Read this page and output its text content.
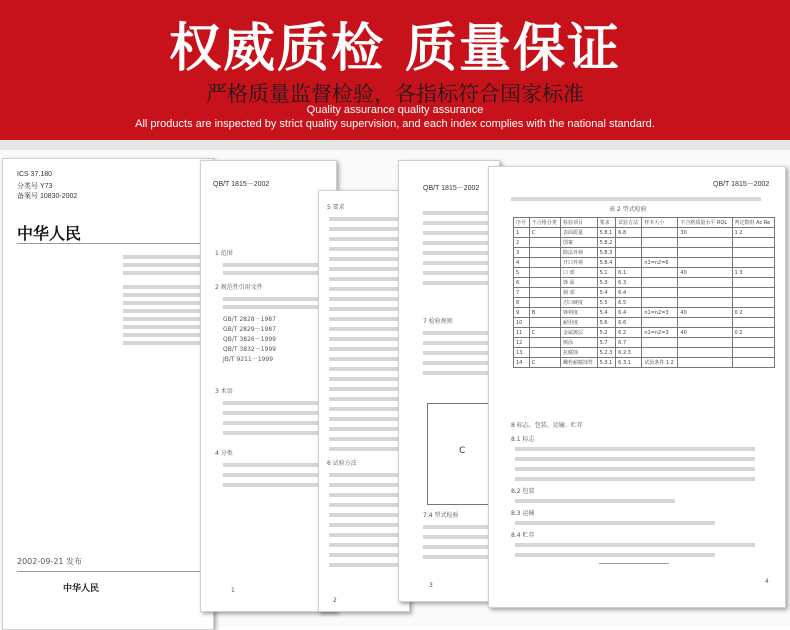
权威质检 质量保证
严格质量监督检验，各指标符合国家标准
Quality assurance quality assurance
All products are inspected by strict quality supervision, and each index complies with the national standard.
ICS 37.180
分类号 Y73
备案号 10830-2002
中华人民
2002-09-21 发布
中华人民
QB/T 1815－2002
1 范围
2 规范性引用文件
GB/T 2828－1987
GB/T 2829－1987
QB/T 3826－1999
QB/T 3832－1999
JB/T 9211－1999
3 术语
4 分类
1
5 要求
6 试验方法
2
QB/T 1815－2002
7 检验规则
C
7.4 型式检验
3
QB/T 1815－2002
表 2 型式检验
序号	不合格分类	检验项目	要求	试验方法	样本大小	不合格质量水平 RQL	判定数组 Ac Re
1	C	表面质量	5.8.1	6.8		30	1 2
2		图案	5.8.2				
3		除法外观	5.8.3				
4		开口外观	5.8.4		n1=n2=6		
5		口 部	5.1	6.1		40	1 3
6		锋 面	5.3	6.3			
7		柄 部	5.4	6.4			
8		刃口硬度	5.5	6.5			
9	B	锋利度	5.4	6.4	n1=n2=3	40	0 2
10		耐用度	5.6	6.6			
11	C	金属镀层	5.2	6.2	n1=n2=3	40	0 2
12		喷涂	5.7	6.7			
13		抗腐蚀	5.2.3	6.2.3			
14	C	螺栓耐腐蚀性	5.3.1	6.3.1	试验条件 1 2		
8 标志、包装、运输、贮存
8.1 标志
8.2 包装
8.3 运输
8.4 贮存
4
